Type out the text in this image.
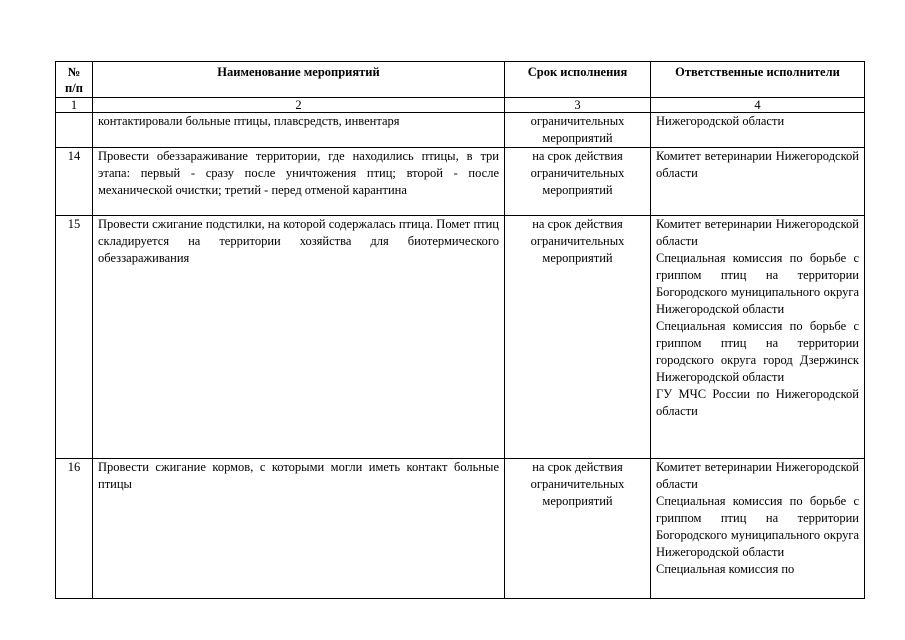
№ п/п	Наименование мероприятий	Срок исполнения	Ответственные исполнители
1	2	3	4
	контактировали больные птицы, плавсредств, инвентаря	ограничительных мероприятий	Нижегородской области

14	Провести обеззараживание территории, где находились птицы, в три этапа: первый - сразу после уничтожения птиц; второй - после механической очистки; третий - перед отменой карантина	на срок действия ограничительных мероприятий	Комитет ветеринарии Нижегородской области

15	Провести сжигание подстилки, на которой содержалась птица. Помет птиц складируется на территории хозяйства для биотермического обеззараживания	на срок действия ограничительных мероприятий	Комитет ветеринарии Нижегородской области
Специальная комиссия по борьбе с гриппом птиц на территории Богородского муниципального округа Нижегородской области
Специальная комиссия по борьбе с гриппом птиц на территории городского округа город Дзержинск Нижегородской области
ГУ МЧС России по Нижегородской области

16	Провести сжигание кормов, с которыми могли иметь контакт больные птицы	на срок действия ограничительных мероприятий	Комитет ветеринарии Нижегородской области
Специальная комиссия по борьбе с гриппом птиц на территории Богородского муниципального округа Нижегородской области
Специальная комиссия по
